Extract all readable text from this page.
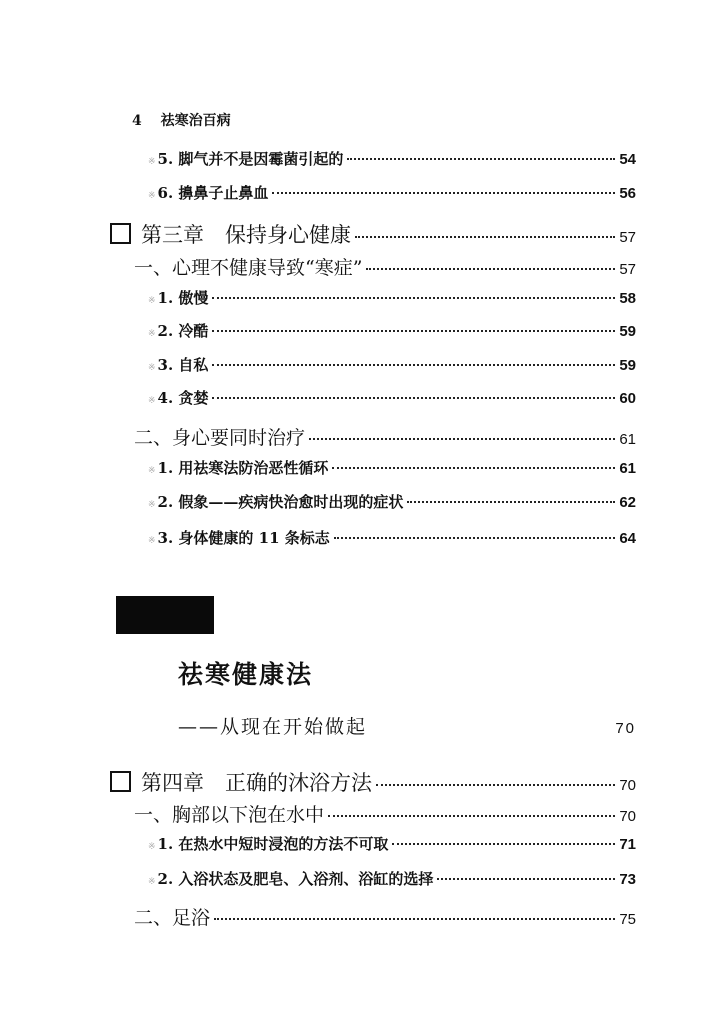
4 祛寒治百病
※ 5. 脚气并不是因霉菌引起的	54
※ 6. 擤鼻子止鼻血	56
第三章　保持身心健康	57
一、心理不健康导致“寒症”	57
※ 1. 傲慢	58
※ 2. 冷酷	59
※ 3. 自私	59
※ 4. 贪婪	60
二、身心要同时治疗	61
※ 1. 用祛寒法防治恶性循环	61
※ 2. 假象——疾病快治愈时出现的症状	62
※ 3. 身体健康的 11 条标志	64
祛寒健康法
——从现在开始做起	70
第四章　正确的沐浴方法	70
一、胸部以下泡在水中	70
※ 1. 在热水中短时浸泡的方法不可取	71
※ 2. 入浴状态及肥皂、入浴剂、浴缸的选择	73
二、足浴	75
